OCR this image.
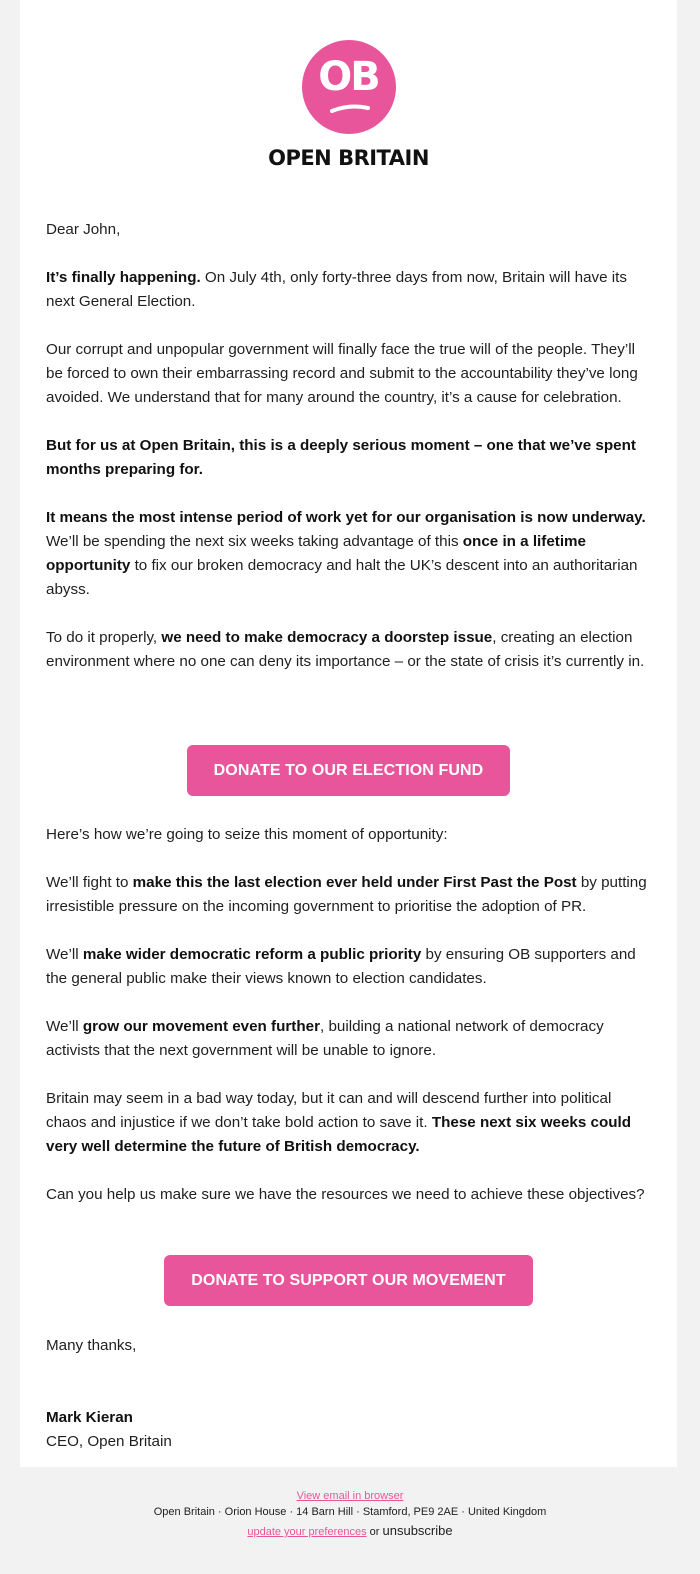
OB
OPEN BRITAIN

Dear John,

It’s finally happening. On July 4th, only forty-three days from now, Britain will have its next General Election.

Our corrupt and unpopular government will finally face the true will of the people. They’ll be forced to own their embarrassing record and submit to the accountability they’ve long avoided. We understand that for many around the country, it’s a cause for celebration.

But for us at Open Britain, this is a deeply serious moment – one that we’ve spent months preparing for.

It means the most intense period of work yet for our organisation is now underway. We’ll be spending the next six weeks taking advantage of this once in a lifetime opportunity to fix our broken democracy and halt the UK’s descent into an authoritarian abyss.

To do it properly, we need to make democracy a doorstep issue, creating an election environment where no one can deny its importance – or the state of crisis it’s currently in.

DONATE TO OUR ELECTION FUND

Here’s how we’re going to seize this moment of opportunity:

We’ll fight to make this the last election ever held under First Past the Post by putting irresistible pressure on the incoming government to prioritise the adoption of PR.

We’ll make wider democratic reform a public priority by ensuring OB supporters and the general public make their views known to election candidates.

We’ll grow our movement even further, building a national network of democracy activists that the next government will be unable to ignore.

Britain may seem in a bad way today, but it can and will descend further into political chaos and injustice if we don’t take bold action to save it. These next six weeks could very well determine the future of British democracy.

Can you help us make sure we have the resources we need to achieve these objectives?

DONATE TO SUPPORT OUR MOVEMENT

Many thanks,

Mark Kieran
CEO, Open Britain
View email in browser
Open Britain · Orion House · 14 Barn Hill · Stamford, PE9 2AE · United Kingdom
update your preferences or unsubscribe
